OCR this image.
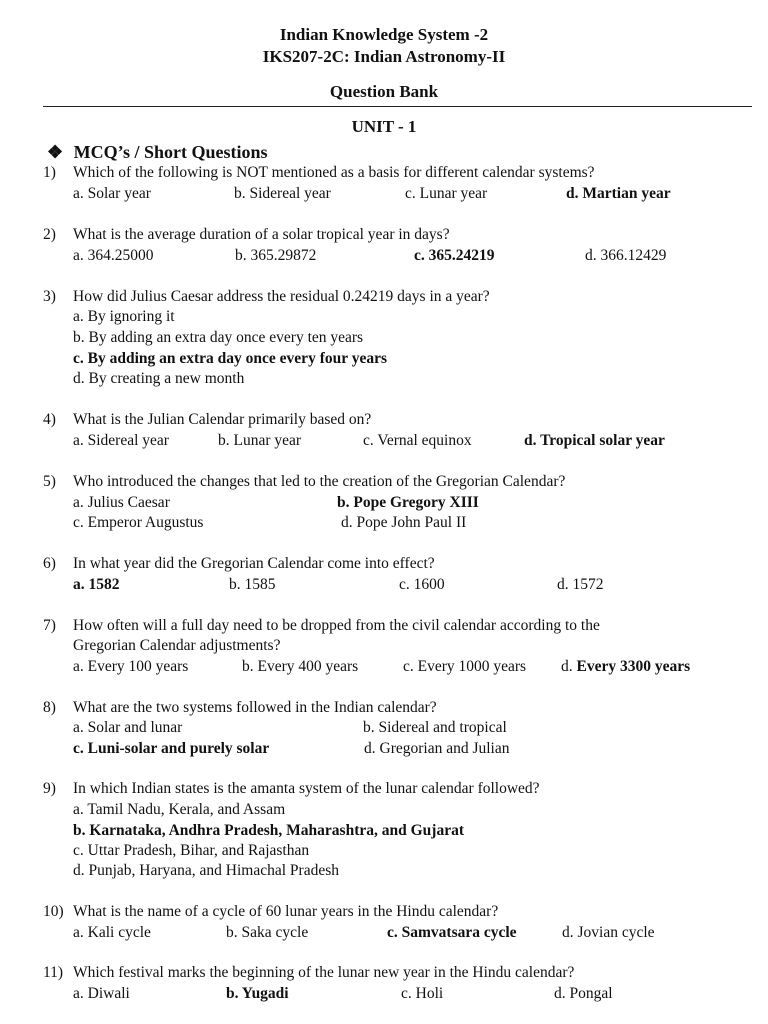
Indian Knowledge System -2
IKS207-2C: Indian Astronomy-II
Question Bank
UNIT - 1
❖ MCQ’s / Short Questions
1) Which of the following is NOT mentioned as a basis for different calendar systems?
a. Solar year	b. Sidereal year	c. Lunar year	d. Martian year
2) What is the average duration of a solar tropical year in days?
a. 364.25000	b. 365.29872	c. 365.24219	d. 366.12429
3) How did Julius Caesar address the residual 0.24219 days in a year?
a. By ignoring it
b. By adding an extra day once every ten years
c. By adding an extra day once every four years
d. By creating a new month
4) What is the Julian Calendar primarily based on?
a. Sidereal year	b. Lunar year	c. Vernal equinox	d. Tropical solar year
5) Who introduced the changes that led to the creation of the Gregorian Calendar?
a. Julius Caesar	b. Pope Gregory XIII
c. Emperor Augustus	d. Pope John Paul II
6) In what year did the Gregorian Calendar come into effect?
a. 1582	b. 1585	c. 1600	d. 1572
7) How often will a full day need to be dropped from the civil calendar according to the
Gregorian Calendar adjustments?
a. Every 100 years	b. Every 400 years	c. Every 1000 years d. Every 3300 years
8) What are the two systems followed in the Indian calendar?
a. Solar and lunar	b. Sidereal and tropical
c. Luni-solar and purely solar	d. Gregorian and Julian
9) In which Indian states is the amanta system of the lunar calendar followed?
a. Tamil Nadu, Kerala, and Assam
b. Karnataka, Andhra Pradesh, Maharashtra, and Gujarat
c. Uttar Pradesh, Bihar, and Rajasthan
d. Punjab, Haryana, and Himachal Pradesh
10) What is the name of a cycle of 60 lunar years in the Hindu calendar?
a. Kali cycle	b. Saka cycle	c. Samvatsara cycle	d. Jovian cycle
11) Which festival marks the beginning of the lunar new year in the Hindu calendar?
a. Diwali	b. Yugadi	c. Holi	d. Pongal
